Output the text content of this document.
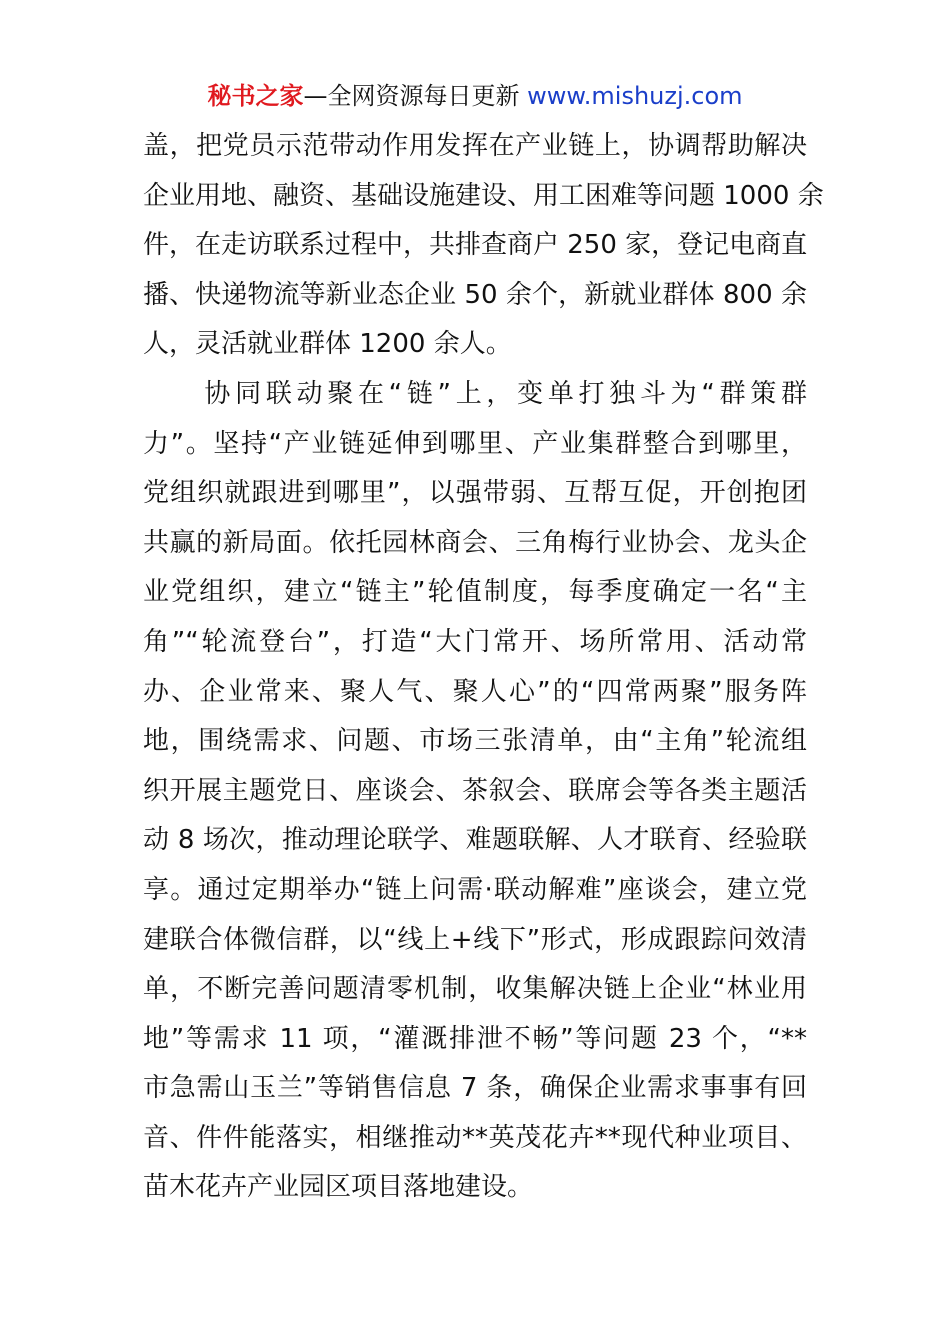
秘书之家—全网资源每日更新 www.mishuzj.com
盖，把党员示范带动作用发挥在产业链上，协调帮助解决
企业用地、融资、基础设施建设、用工困难等问题 1000 余
件，在走访联系过程中，共排查商户 250 家，登记电商直
播、快递物流等新业态企业 50 余个，新就业群体 800 余
人，灵活就业群体 1200 余人。
　　协同联动聚在“链”上，变单打独斗为“群策群
力”。坚持“产业链延伸到哪里、产业集群整合到哪里，
党组织就跟进到哪里”，以强带弱、互帮互促，开创抱团
共赢的新局面。依托园林商会、三角梅行业协会、龙头企
业党组织，建立“链主”轮值制度，每季度确定一名“主
角”“轮流登台”，打造“大门常开、场所常用、活动常
办、企业常来、聚人气、聚人心”的“四常两聚”服务阵
地，围绕需求、问题、市场三张清单，由“主角”轮流组
织开展主题党日、座谈会、茶叙会、联席会等各类主题活
动 8 场次，推动理论联学、难题联解、人才联育、经验联
享。通过定期举办“链上问需·联动解难”座谈会，建立党
建联合体微信群，以“线上+线下”形式，形成跟踪问效清
单，不断完善问题清零机制，收集解决链上企业“林业用
地”等需求 11 项，“灌溉排泄不畅”等问题 23 个，“**
市急需山玉兰”等销售信息 7 条，确保企业需求事事有回
音、件件能落实，相继推动**英茂花卉**现代种业项目、
苗木花卉产业园区项目落地建设。
